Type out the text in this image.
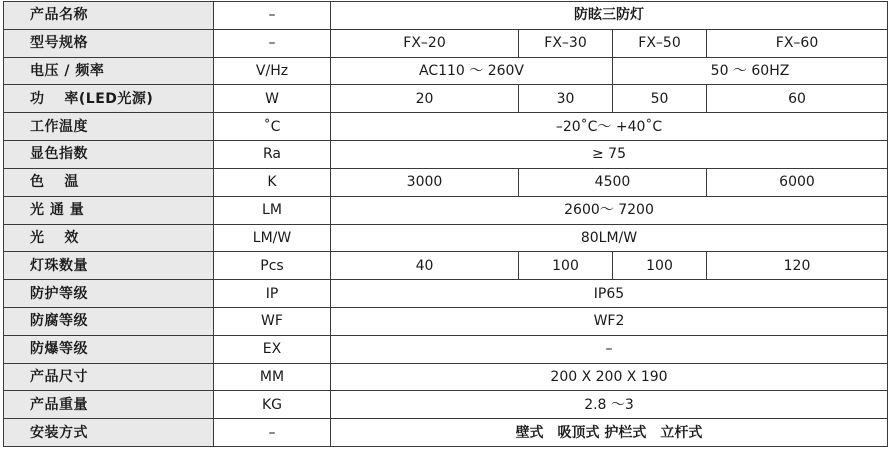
产品名称	–	防眩三防灯			
型号规格	–	FX–20	FX–30	FX–50	FX–60
电压 / 频率	V/Hz	AC110 ～ 260V		50 ～ 60HZ	
功　 率(LED光源)	W	20	30	50	60
工作温度	˚C	–20˚C～ +40˚C			
显色指数	Ra	≥ 75			
色　 温	K	3000	4500		6000
光 通 量	LM	2600～ 7200			
光　 效	LM/W	80LM/W			
灯珠数量	Pcs	40	100	100	120
防护等级	IP	IP65			
防腐等级	WF	WF2			
防爆等级	EX	–			
产品尺寸	MM	200 X 200 X 190			
产品重量	KG	2.8 ～3			
安装方式	–	壁式　吸顶式 护栏式　立杆式			
